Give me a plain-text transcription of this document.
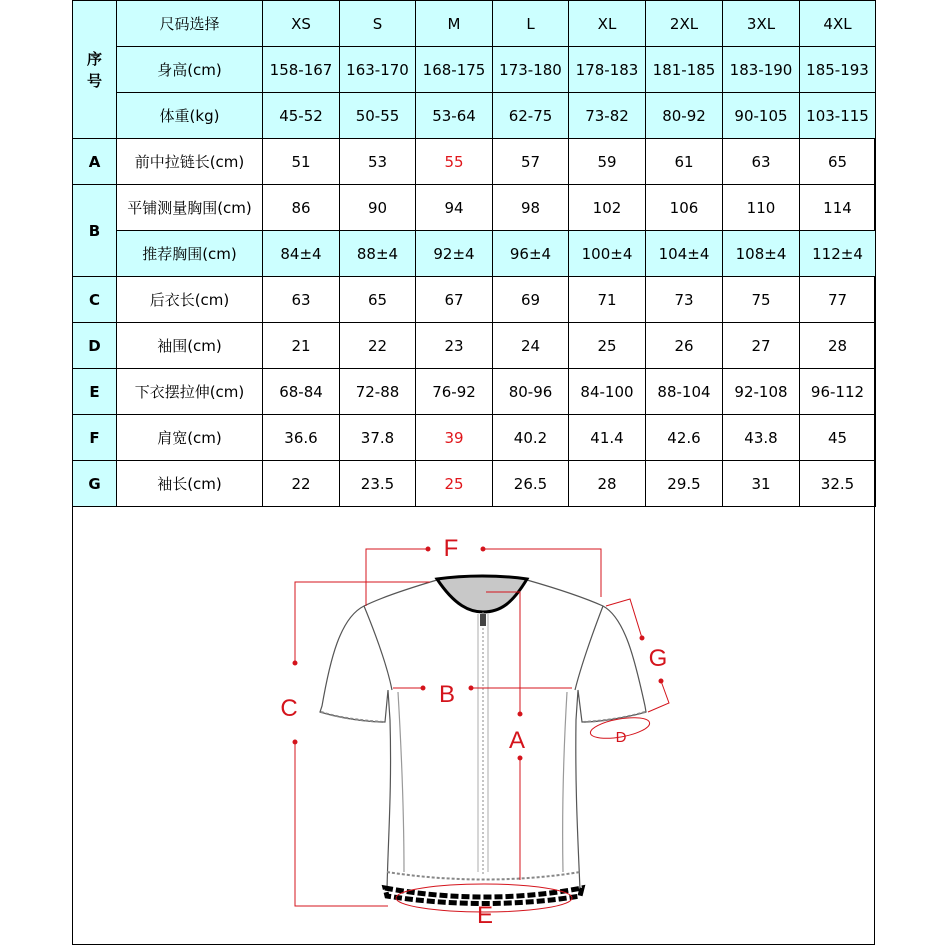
序
号	尺码选择	XS	S	M	L	XL	2XL	3XL	4XL
	身高(cm)	158-167	163-170	168-175	173-180	178-183	181-185	183-190	185-193
	体重(kg)	45-52	50-55	53-64	62-75	73-82	80-92	90-105	103-115
A	前中拉链长(cm)	51	53	55	57	59	61	63	65
B	平铺测量胸围(cm)	86	90	94	98	102	106	110	114
	推荐胸围(cm)	84±4	88±4	92±4	96±4	100±4	104±4	108±4	112±4
C	后衣长(cm)	63	65	67	69	71	73	75	77
D	袖围(cm)	21	22	23	24	25	26	27	28
E	下衣摆拉伸(cm)	68-84	72-88	76-92	80-96	84-100	88-104	92-108	96-112
F	肩宽(cm)	36.6	37.8	39	40.2	41.4	42.6	43.8	45
G	袖长(cm)	22	23.5	25	26.5	28	29.5	31	32.5
F
C
B
A
G
D
E
